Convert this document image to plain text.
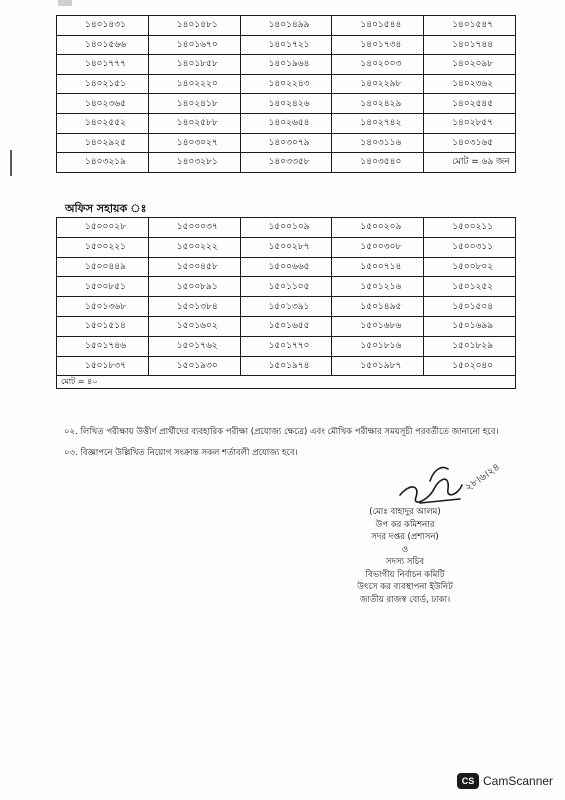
১৪০১৪৩১	১৪০১৪৮১	১৪০১৪৯৯	১৪০১৫৪৪	১৪০১৫৪৭
১৪০১৫৬৬	১৪০১৬৭০	১৪০১৭২১	১৪০১৭৩৪	১৪০১৭৪৪
১৪০১৭৭৭	১৪০১৮৫৮	১৪০১৯৬৪	১৪০২০০৩	১৪০২০৯৮
১৪০২১৫১	১৪০২২২০	১৪০২২৪৩	১৪০২২৯৮	১৪০২৩৬২
১৪০২৩৬৫	১৪০২৪১৮	১৪০২৪২৬	১৪০২৪২৯	১৪০২৫৪৫
১৪০২৫৫২	১৪০২৫৮৮	১৪০২৬৫৪	১৪০২৭৪২	১৪০২৮৫৭
১৪০২৯২৫	১৪০৩০২৭	১৪০৩০৭৯	১৪০৩১১৬	১৪০৩১৬৫
১৪০৩২১৯	১৪০৩২৮১	১৪০৩৩৫৮	১৪০৩৫৪০	মোট = ৬৯ জন
অফিস সহায়ক ঃ
১৫০০০২৮	১৫০০০৩৭	১৫০০১০৯	১৫০০২০৯	১৫০০২১১
১৫০০২২১	১৫০০২২২	১৫০০২৮৭	১৫০০৩০৮	১৫০০৩১১
১৫০০৪৪৯	১৫০০৪৫৮	১৫০০৬৬৫	১৫০০৭১৪	১৫০০৮০২
১৫০০৮৫১	১৫০০৮৯১	১৫০১১০৫	১৫০১২১৬	১৫০১২৫২
১৫০১৩৬৮	১৫০১৩৮৪	১৫০১৩৯১	১৫০১৪৯৫	১৫০১৫০৪
১৫০১৫১৪	১৫০১৬০২	১৫০১৬৫৫	১৫০১৬৮৬	১৫০১৬৯৯
১৫০১৭৪৬	১৫০১৭৬২	১৫০১৭৭০	১৫০১৮১৬	১৫০১৮২৯
১৫০১৮৩৭	১৫০১৯৩০	১৫০১৯৭৪	১৫০১৯৮৭	১৫০২০৪০
মোট = ৪০				
০২. লিখিত পরীক্ষায় উত্তীর্ণ প্রার্থীদের ব্যবহারিক পরীক্ষা (প্রযোজ্য ক্ষেত্রে) এবং মৌখিক পরীক্ষার সময়সূচী পরবর্তীতে জানানো হবে।
০৩. বিজ্ঞাপনে উল্লিখিত নিয়োগ সংক্রান্ত সকল শর্তাবলী প্রযোজ্য হবে।
২৮।৬।২৪
(মোঃ বাহাদুর আলম)
উপ কর কমিশনার
সদর দপ্তর (প্রশাসন)
ও
সদস্য সচিব
বিভাগীয় নির্বাচন কমিটি
উৎসে কর ব্যবস্থাপনা ইউনিট
জাতীয় রাজস্ব বোর্ড, ঢাকা।
CS CamScanner
